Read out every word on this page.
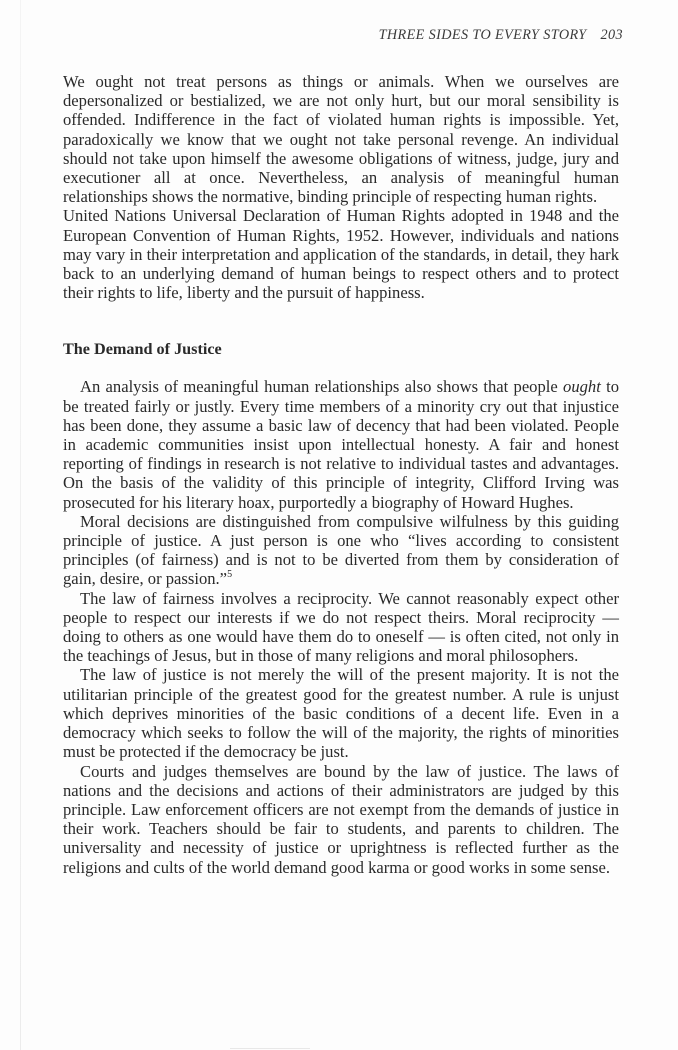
THREE SIDES TO EVERY STORY 203

We ought not treat persons as things or animals. When we ourselves are depersonalized or bestialized, we are not only hurt, but our moral sensibility is offended. Indifference in the fact of violated human rights is impossible. Yet, paradoxically we know that we ought not take personal revenge. An individual should not take upon himself the awesome obligations of witness, judge, jury and executioner all at once. Nevertheless, an analysis of meaningful human relationships shows the normative, binding principle of respecting human rights.

United Nations Universal Declaration of Human Rights adopted in 1948 and the European Convention of Human Rights, 1952. However, individuals and nations may vary in their interpretation and application of the standards, in detail, they hark back to an underlying demand of human beings to respect others and to protect their rights to life, liberty and the pursuit of happiness.

The Demand of Justice

An analysis of meaningful human relationships also shows that people ought to be treated fairly or justly. Every time members of a minority cry out that injustice has been done, they assume a basic law of decency that had been violated. People in academic communities insist upon intellectual honesty. A fair and honest reporting of findings in research is not relative to individual tastes and advantages. On the basis of the validity of this principle of integrity, Clifford Irving was prosecuted for his literary hoax, purportedly a biography of Howard Hughes.

Moral decisions are distinguished from compulsive wilfulness by this guiding principle of justice. A just person is one who “lives according to consistent principles (of fairness) and is not to be diverted from them by consideration of gain, desire, or passion.”$^5$

The law of fairness involves a reciprocity. We cannot reasonably expect other people to respect our interests if we do not respect theirs. Moral reciprocity — doing to others as one would have them do to oneself — is often cited, not only in the teachings of Jesus, but in those of many religions and moral philosophers.

The law of justice is not merely the will of the present majority. It is not the utilitarian principle of the greatest good for the greatest number. A rule is unjust which deprives minorities of the basic conditions of a decent life. Even in a democracy which seeks to follow the will of the majority, the rights of minorities must be protected if the democracy be just.

Courts and judges themselves are bound by the law of justice. The laws of nations and the decisions and actions of their administrators are judged by this principle. Law enforcement officers are not exempt from the demands of justice in their work. Teachers should be fair to students, and parents to children. The universality and necessity of justice or uprightness is reflected further as the religions and cults of the world demand good karma or good works in some sense.
